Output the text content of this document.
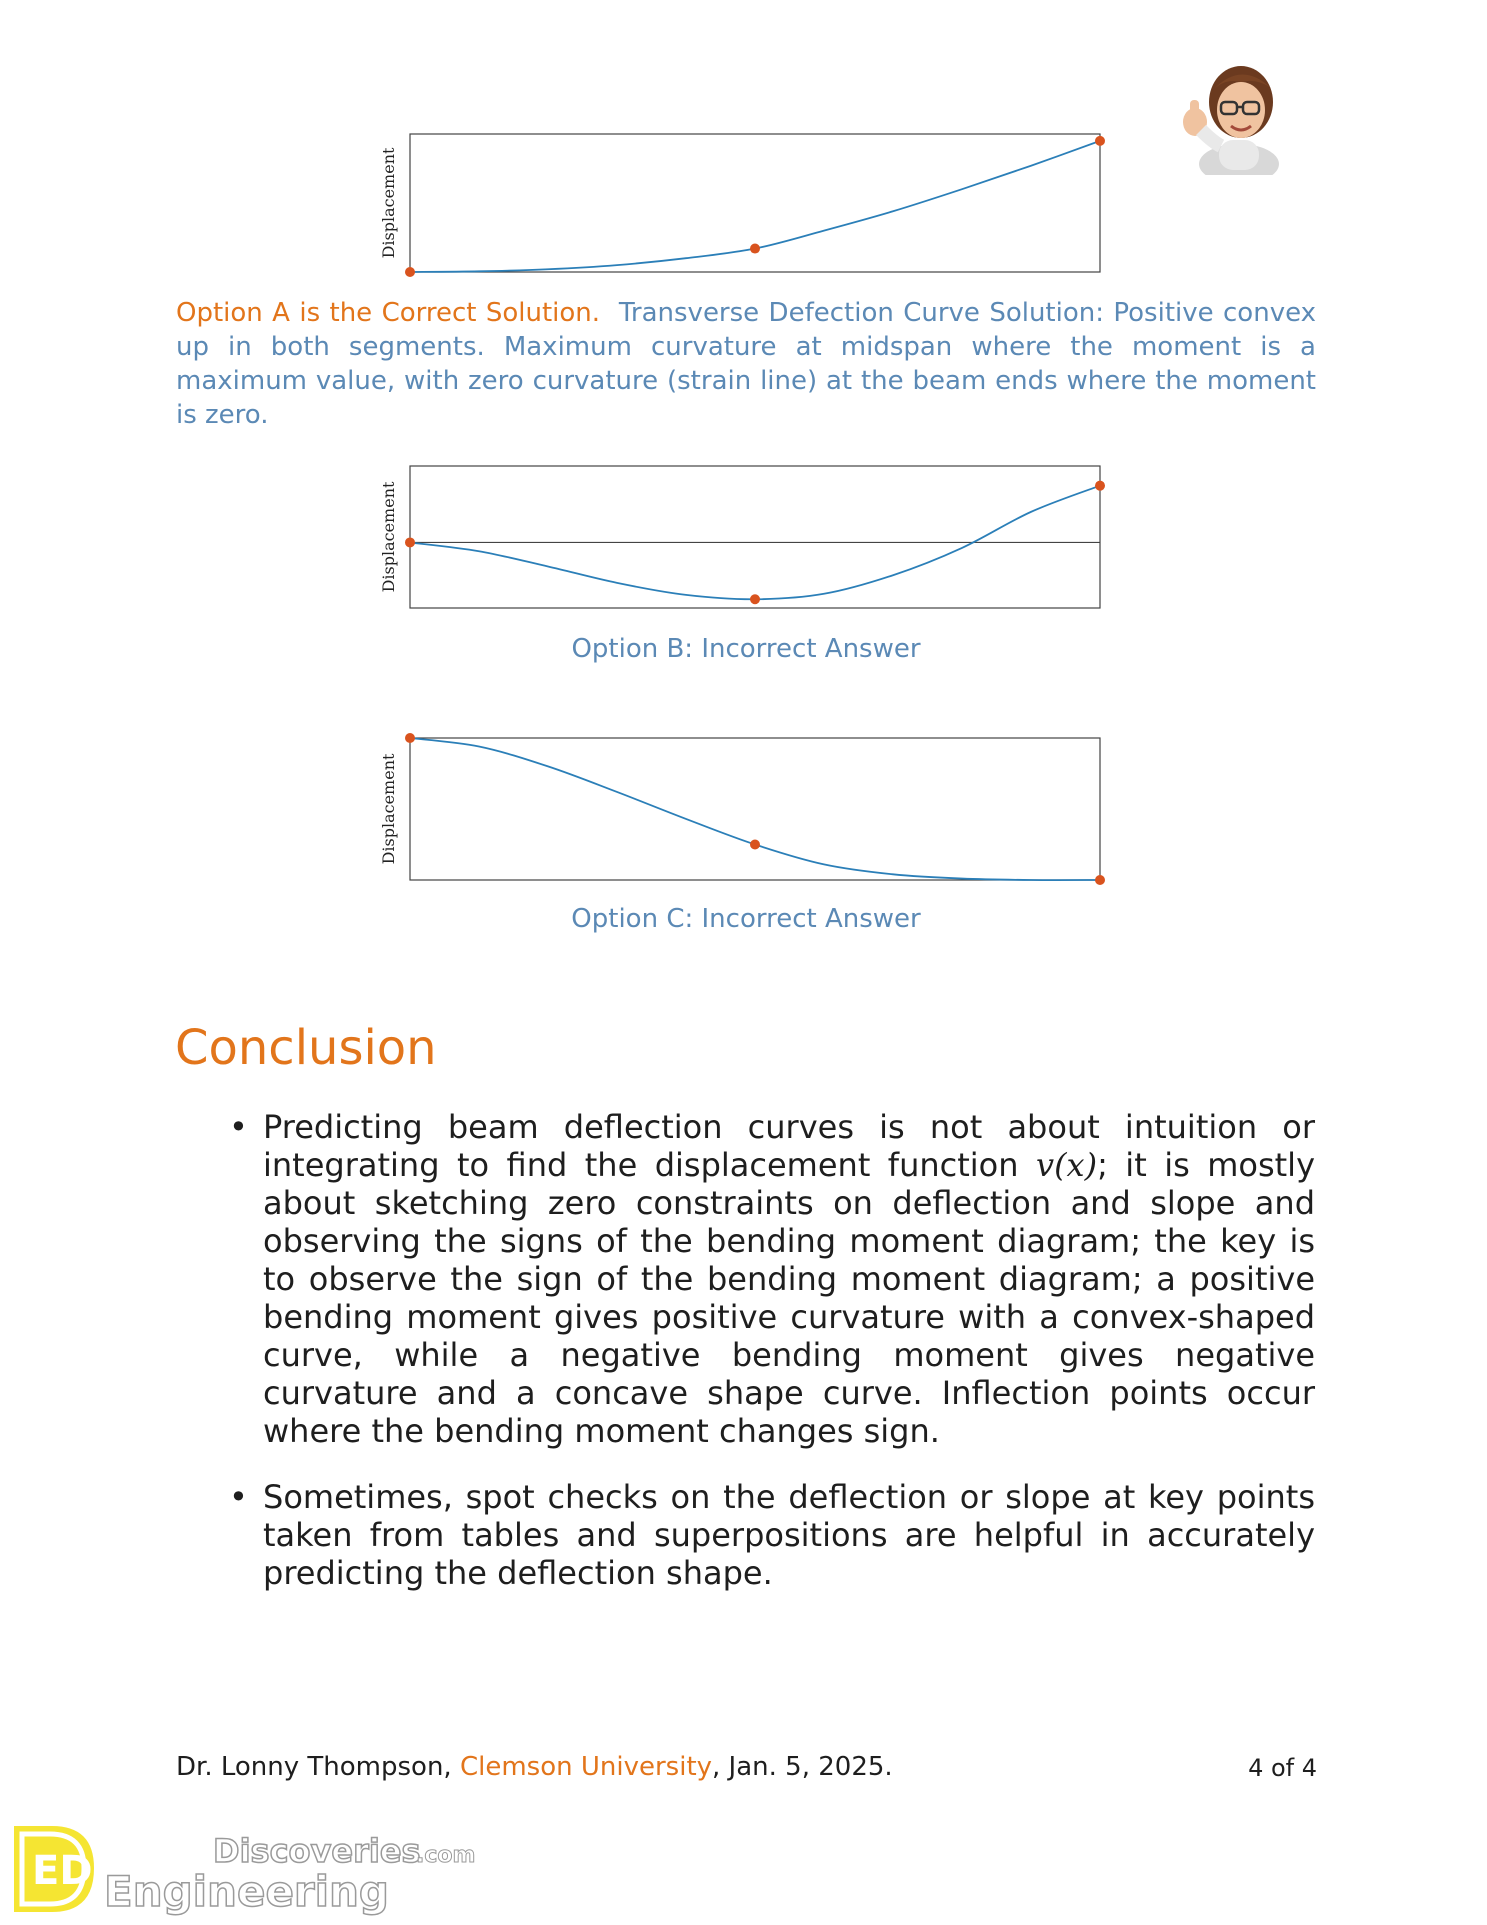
Displacement
Option A is the Correct Solution. Transverse Defection Curve Solution: Positive convex up in both segments. Maximum curvature at midspan where the moment is a maximum value, with zero curvature (strain line) at the beam ends where the moment is zero.
Displacement
Option B: Incorrect Answer
Displacement
Option C: Incorrect Answer
Conclusion
• Predicting beam deflection curves is not about intuition or integrating to find the displacement function v(x); it is mostly about sketching zero constraints on deflection and slope and observing the signs of the bending moment diagram; the key is to observe the sign of the bending moment diagram; a positive bending moment gives positive curvature with a convex-shaped curve, while a negative bending moment gives negative curvature and a concave shape curve. Inflection points occur where the bending moment changes sign.
• Sometimes, spot checks on the deflection or slope at key points taken from tables and superpositions are helpful in accurately predicting the deflection shape.
Dr. Lonny Thompson, Clemson University, Jan. 5, 2025.	4 of 4
ED	Discoveries
.com
Engineering
